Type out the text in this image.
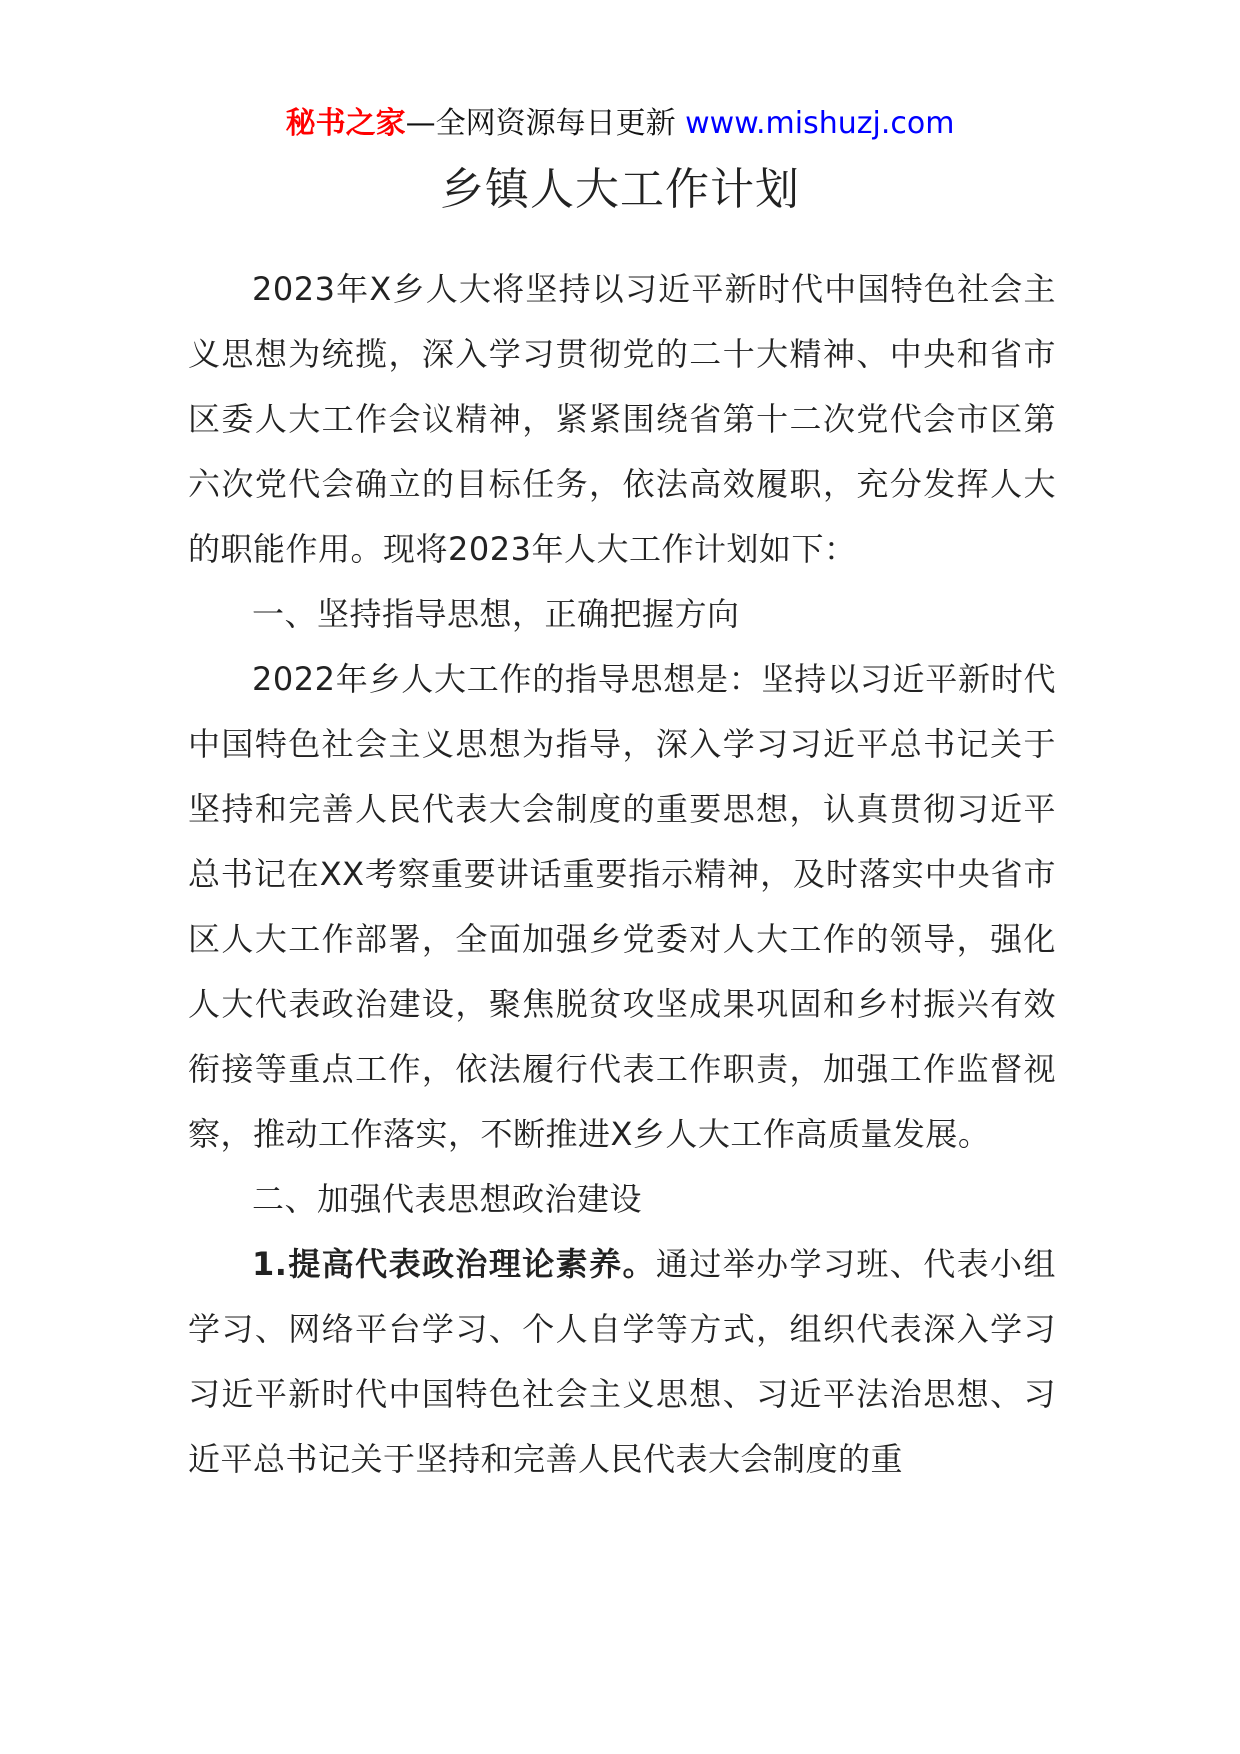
秘书之家—全网资源每日更新 www.mishuzj.com
乡镇人大工作计划

2023年X乡人大将坚持以习近平新时代中国特色社会主义思想为统揽，深入学习贯彻党的二十大精神、中央和省市区委人大工作会议精神，紧紧围绕省第十二次党代会市区第六次党代会确立的目标任务，依法高效履职，充分发挥人大的职能作用。现将2023年人大工作计划如下：

一、坚持指导思想，正确把握方向

2022年乡人大工作的指导思想是：坚持以习近平新时代中国特色社会主义思想为指导，深入学习习近平总书记关于坚持和完善人民代表大会制度的重要思想，认真贯彻习近平总书记在XX考察重要讲话重要指示精神，及时落实中央省市区人大工作部署，全面加强乡党委对人大工作的领导，强化人大代表政治建设，聚焦脱贫攻坚成果巩固和乡村振兴有效衔接等重点工作，依法履行代表工作职责，加强工作监督视察，推动工作落实，不断推进X乡人大工作高质量发展。

二、加强代表思想政治建设

1.提高代表政治理论素养。通过举办学习班、代表小组学习、网络平台学习、个人自学等方式，组织代表深入学习习近平新时代中国特色社会主义思想、习近平法治思想、习近平总书记关于坚持和完善人民代表大会制度的重
